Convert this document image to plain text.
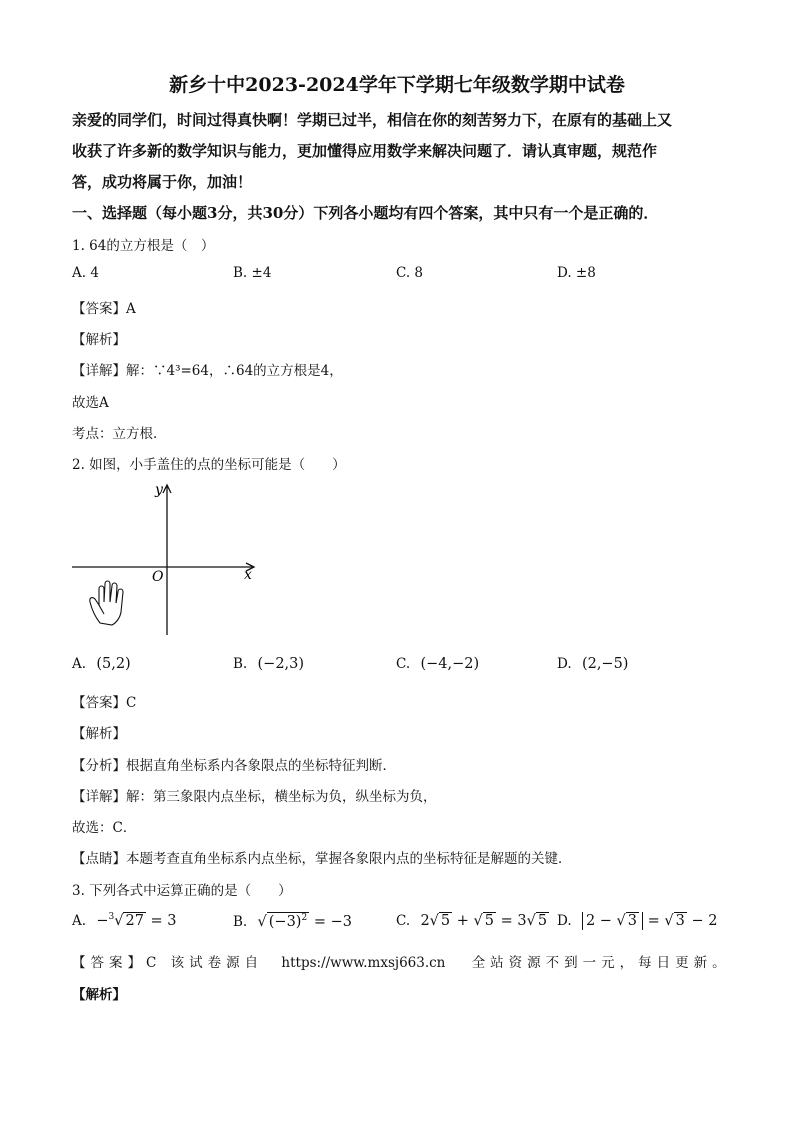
新乡十中2023-2024学年下学期七年级数学期中试卷
亲爱的同学们，时间过得真快啊！学期已过半，相信在你的刻苦努力下，在原有的基础上又
收获了许多新的数学知识与能力，更加懂得应用数学来解决问题了．请认真审题，规范作
答，成功将属于你，加油！
一、选择题（每小题3分，共30分）下列各小题均有四个答案，其中只有一个是正确的．
1. 64的立方根是（　）
A. 4	B. ±4	C. 8	D. ±8
【答案】A
【解析】
【详解】解：∵4³=64，∴64的立方根是4，
故选A
考点：立方根．
2. 如图，小手盖住的点的坐标可能是（　　）
y
x
O
A. (5,2)	B. (−2,3)	C. (−4,−2)	D. (2,−5)
【答案】C
【解析】
【分析】根据直角坐标系内各象限点的坐标特征判断．
【详解】解：第三象限内点坐标，横坐标为负，纵坐标为负，
故选：C．
【点睛】本题考查直角坐标系内点坐标，掌握各象限内点的坐标特征是解题的关键．
3. 下列各式中运算正确的是（　　）
A. −$^3$√ 27 = 3	B. √ $(-3)^2 = -3$	C. 2√ 5 + √ 5 = 3√ 5 D. 2 − √ 3 = √ 3 − 2
【答案】C 该试卷源自 https://www.mxsj663.cn 全站资源不到一元，每日更新。
【解析】
